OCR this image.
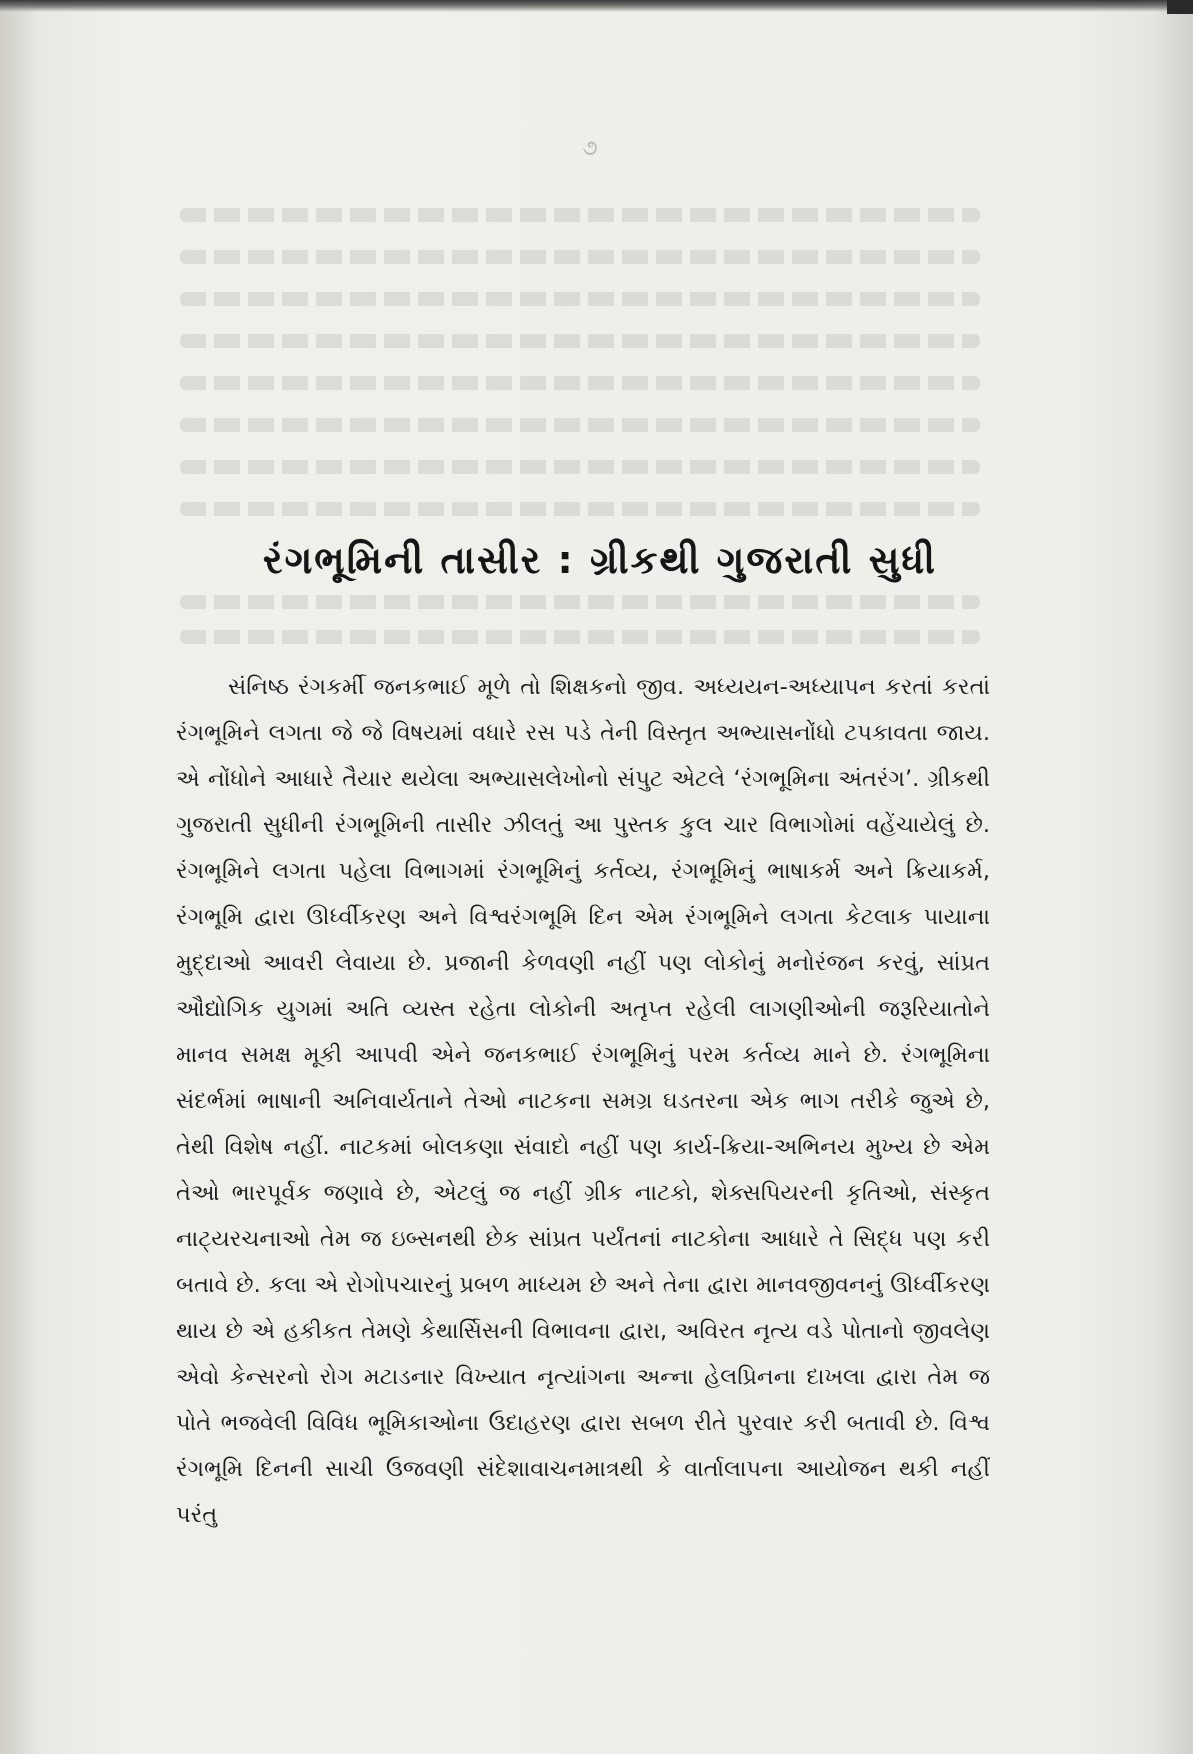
૭
રંગભૂમિની તાસીર : ગ્રીકથી ગુજરાતી સુધી

સંનિષ્ઠ રંગકર્મી જનકભાઈ મૂળે તો શિક્ષકનો જીવ. અધ્યયન-અધ્યાપન કરતાં કરતાં રંગભૂમિને લગતા જે જે વિષયમાં વધારે રસ પડે તેની વિસ્તૃત અભ્યાસનોંધો ટપકાવતા જાય. એ નોંધોને આધારે તૈયાર થયેલા અભ્યાસલેખોનો સંપુટ એટલે ‘રંગભૂમિના અંતરંગ’. ગ્રીકથી ગુજરાતી સુધીની રંગભૂમિની તાસીર ઝીલતું આ પુસ્તક કુલ ચાર વિભાગોમાં વહેંચાયેલું છે. રંગભૂમિને લગતા પહેલા વિભાગમાં રંગભૂમિનું કર્તવ્ય, રંગભૂમિનું ભાષાકર્મ અને ક્રિયાકર્મ, રંગભૂમિ દ્વારા ઊર્ધ્વીકરણ અને વિશ્વરંગભૂમિ દિન એમ રંગભૂમિને લગતા કેટલાક પાયાના મુદ્દાઓ આવરી લેવાયા છે. પ્રજાની કેળવણી નહીં પણ લોકોનું મનોરંજન કરવું, સાંપ્રત ઔદ્યોગિક યુગમાં અતિ વ્યસ્ત રહેતા લોકોની અતૃપ્ત રહેલી લાગણીઓની જરૂરિયાતોને માનવ સમક્ષ મૂકી આપવી એને જનકભાઈ રંગભૂમિનું પરમ કર્તવ્ય માને છે. રંગભૂમિના સંદર્ભમાં ભાષાની અનિવાર્યતાને તેઓ નાટકના સમગ્ર ઘડતરના એક ભાગ તરીકે જુએ છે, તેથી વિશેષ નહીં. નાટકમાં બોલકણા સંવાદો નહીં પણ કાર્ય-ક્રિયા-અભિનય મુખ્ય છે એમ તેઓ ભારપૂર્વક જણાવે છે, એટલું જ નહીં ગ્રીક નાટકો, શેક્સપિયરની કૃતિઓ, સંસ્કૃત નાટ્યરચનાઓ તેમ જ ઇબ્સનથી છેક સાંપ્રત પર્યંતનાં નાટકોના આધારે તે સિદ્ધ પણ કરી બતાવે છે. કલા એ રોગોપચારનું પ્રબળ માધ્યમ છે અને તેના દ્વારા માનવજીવનનું ઊર્ધ્વીકરણ થાય છે એ હકીકત તેમણે કેથાર્સિસની વિભાવના દ્વારા, અવિરત નૃત્ય વડે પોતાનો જીવલેણ એવો કેન્સરનો રોગ મટાડનાર વિખ્યાત નૃત્યાંગના અન્ના હેલપ્રિનના દાખલા દ્વારા તેમ જ પોતે ભજવેલી વિવિધ ભૂમિકાઓના ઉદાહરણ દ્વારા સબળ રીતે પુરવાર કરી બતાવી છે. વિશ્વ રંગભૂમિ દિનની સાચી ઉજવણી સંદેશાવાચનમાત્રથી કે વાર્તાલાપના આયોજન થકી નહીં પરંતુ
